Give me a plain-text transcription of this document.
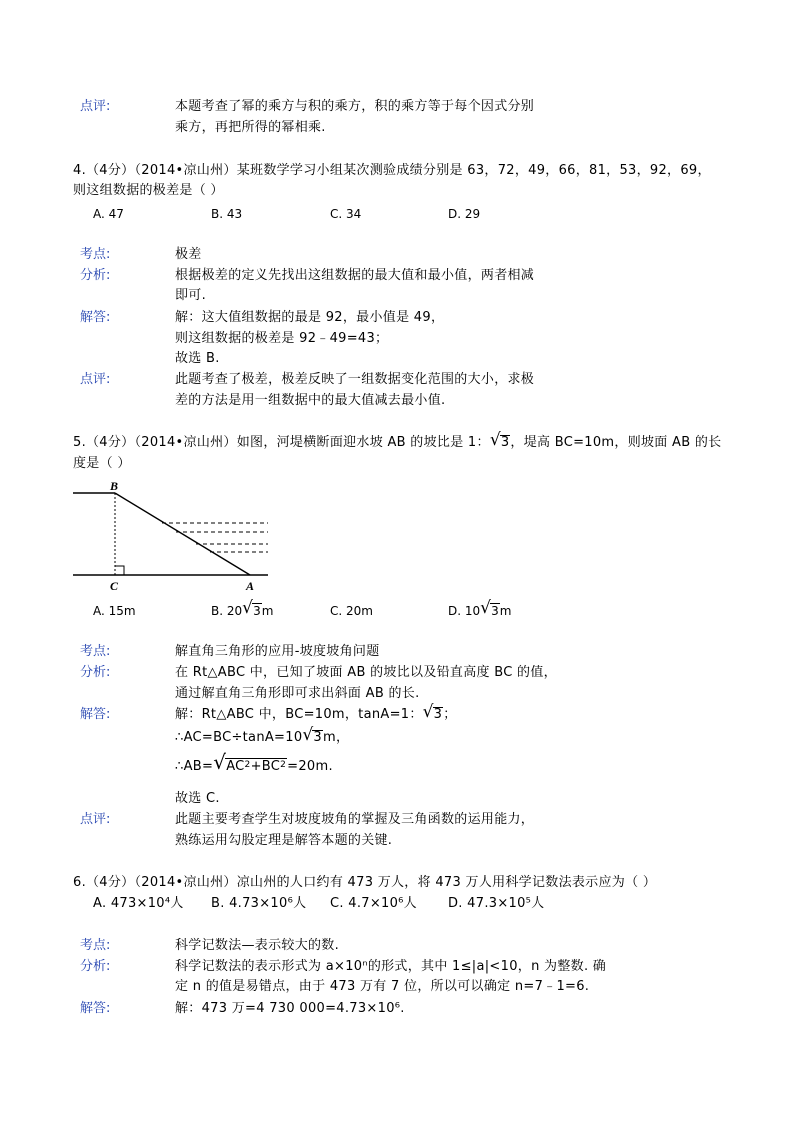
点评:	本题考查了幂的乘方与积的乘方，积的乘方等于每个因式分别
乘方，再把所得的幂相乘.
4.（4分）（2014•凉山州）某班数学学习小组某次测验成绩分别是 63，72，49，66，81，53，92，69，
则这组数据的极差是（ ）
A. 47	B. 43	C. 34	D. 29
考点:	极差
分析:	根据极差的定义先找出这组数据的最大值和最小值，两者相减
即可.
解答:	解：这大值组数据的最是 92，最小值是 49，
则这组数据的极差是 92﹣49=43；
故选 B.
点评:	此题考查了极差，极差反映了一组数据变化范围的大小，求极
差的方法是用一组数据中的最大值减去最小值.
5.（4分）（2014•凉山州）如图，河堤横断面迎水坡 AB 的坡比是 1： √ 3，堤高 BC=10m，则坡面 AB 的长
度是（ ）
B
C	A
A. 15m	B. 20 √ 3m	C. 20m	D. 10 √ 3m
考点:	解直角三角形的应用-坡度坡角问题
分析:	在 Rt△ABC 中，已知了坡面 AB 的坡比以及铅直高度 BC 的值，
通过解直角三角形即可求出斜面 AB 的长.
解答:	解：Rt△ABC 中，BC=10m，tanA=1： √ 3；
∴AC=BC÷tanA=10 √ 3m，
∴AB= √ $AC^2+BC^2=20m$.
故选 C.
点评:	此题主要考查学生对坡度坡角的掌握及三角函数的运用能力，
熟练运用勾股定理是解答本题的关键.
6.（4分）（2014•凉山州）凉山州的人口约有 473 万人，将 473 万人用科学记数法表示应为（ ）
A. 473×10⁴人 B. 4.73×10⁶人 C. 4.7×10⁶人 D. 47.3×10⁵人
考点:	科学记数法—表示较大的数.
分析:	科学记数法的表示形式为 a×10ⁿ的形式，其中 1≤|a|<10，n 为整数. 确
定 n 的值是易错点，由于 473 万有 7 位，所以可以确定 n=7﹣1=6.
解答:	解：473 万=4 730 000=4.73×10⁶.
